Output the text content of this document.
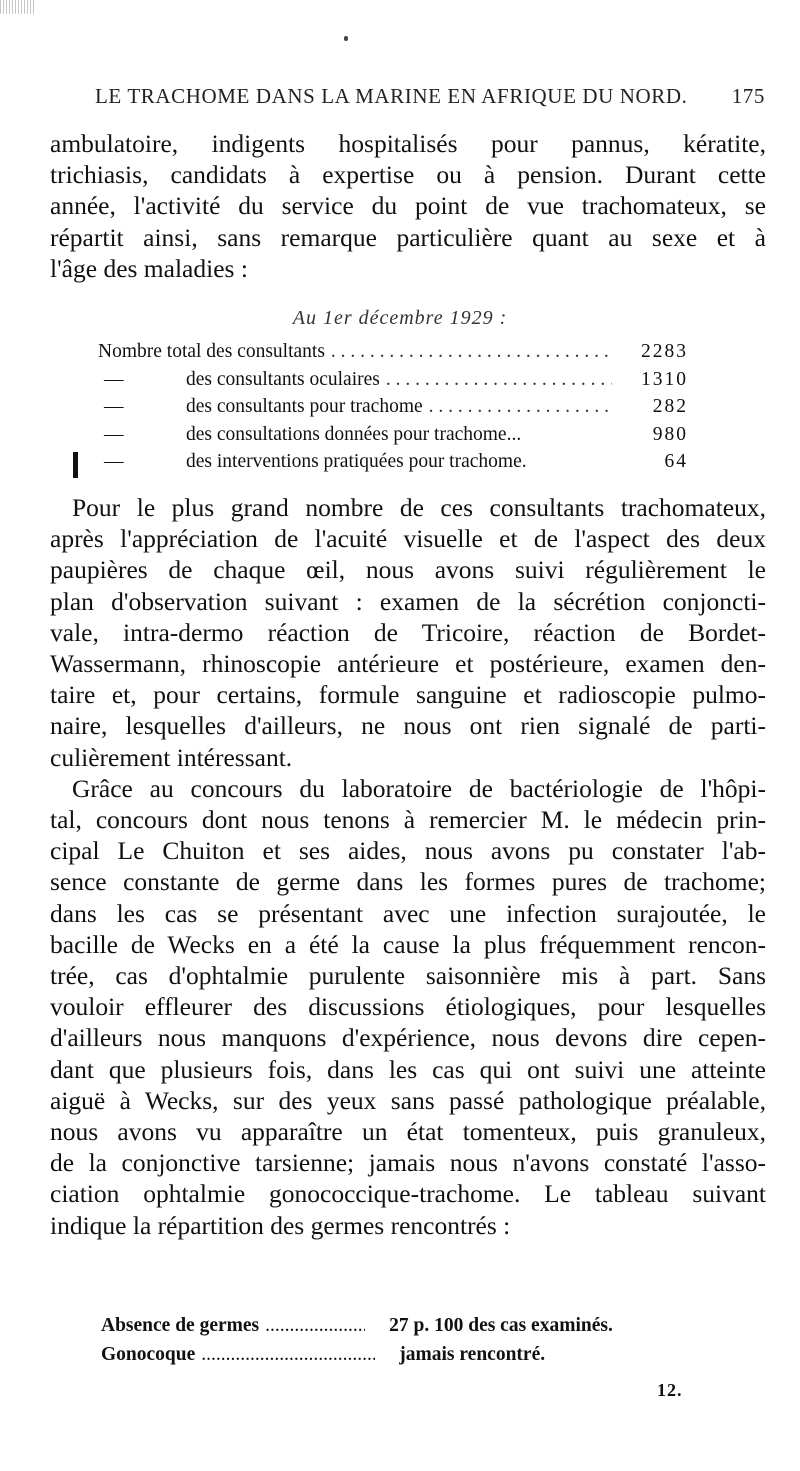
LE TRACHOME DANS LA MARINE EN AFRIQUE DU NORD. 175
ambulatoire, indigents hospitalisés pour pannus, kératite,
trichiasis, candidats à expertise ou à pension. Durant cette
année, l'activité du service du point de vue trachomateux, se
répartit ainsi, sans remarque particulière quant au sexe et à
l'âge des maladies :
Au 1er décembre 1929 :
Nombre total des consultants . . .	2283
—	des consultants oculaires . . .	1310
—	des consultants pour trachome . . .	282
—	des consultations données pour trachome...	980
—	des interventions pratiquées pour trachome.	64
Pour le plus grand nombre de ces consultants trachomateux,
après l'appréciation de l'acuité visuelle et de l'aspect des deux
paupières de chaque œil, nous avons suivi régulièrement le
plan d'observation suivant : examen de la sécrétion conjoncti-
vale, intra-dermo réaction de Tricoire, réaction de Bordet-
Wassermann, rhinoscopie antérieure et postérieure, examen den-
taire et, pour certains, formule sanguine et radioscopie pulmo-
naire, lesquelles d'ailleurs, ne nous ont rien signalé de parti-
culièrement intéressant.
Grâce au concours du laboratoire de bactériologie de l'hôpi-
tal, concours dont nous tenons à remercier M. le médecin prin-
cipal Le Chuiton et ses aides, nous avons pu constater l'ab-
sence constante de germe dans les formes pures de trachome;
dans les cas se présentant avec une infection surajoutée, le
bacille de Wecks en a été la cause la plus fréquemment rencon-
trée, cas d'ophtalmie purulente saisonnière mis à part. Sans
vouloir effleurer des discussions étiologiques, pour lesquelles
d'ailleurs nous manquons d'expérience, nous devons dire cepen-
dant que plusieurs fois, dans les cas qui ont suivi une atteinte
aiguë à Wecks, sur des yeux sans passé pathologique préalable,
nous avons vu apparaître un état tomenteux, puis granuleux,
de la conjonctive tarsienne; jamais nous n'avons constaté l'asso-
ciation ophtalmie gonococcique-trachome. Le tableau suivant
indique la répartition des germes rencontrés :
Absence de germes .....	27 p. 100 des cas examinés.
Gonocoque .....	jamais rencontré.
12.
